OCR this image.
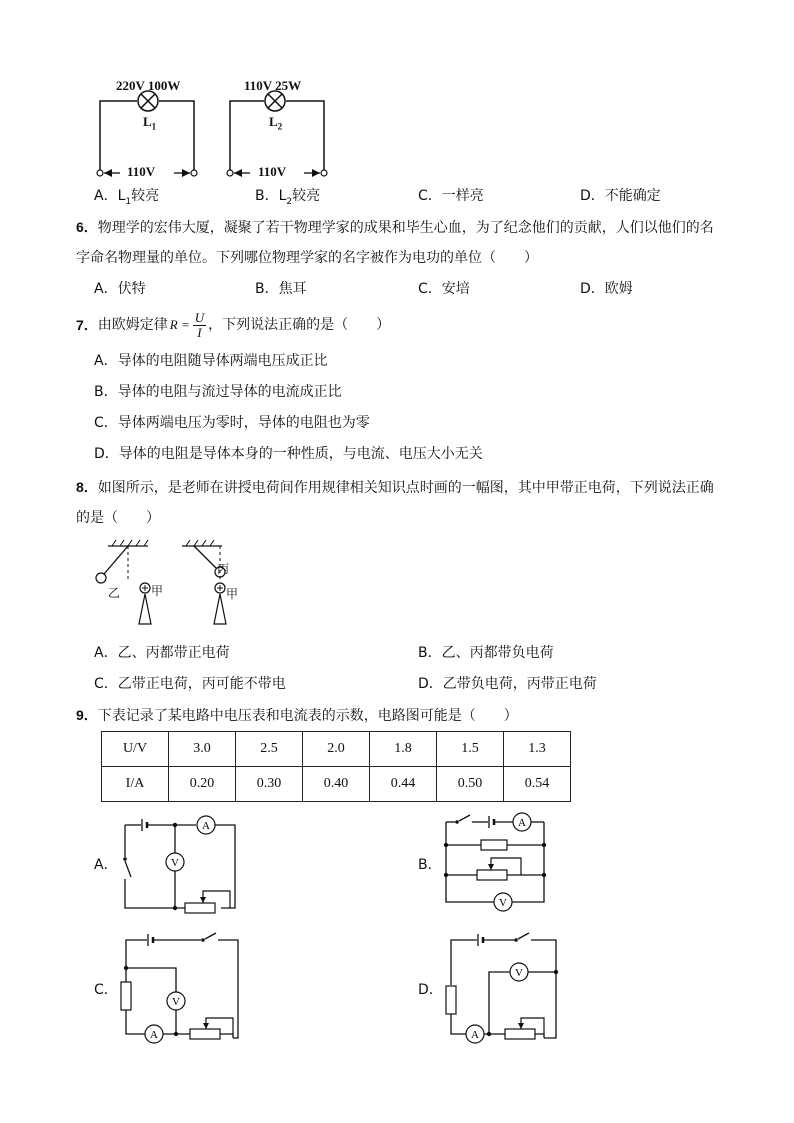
220V 100W
$L_1$
110V
110V 25W
$L_2$
110V
A．$L_1$较亮	B．$L_2$较亮	C．一样亮	D．不能确定
6．物理学的宏伟大厦，凝聚了若干物理学家的成果和毕生心血，为了纪念他们的贡献，人们以他们的名
字命名物理量的单位。下列哪位物理学家的名字被作为电功的单位（　　）
A．伏特	B．焦耳	C．安培	D．欧姆
7． 由欧姆定律 $R = \frac{U}{I}$ ，下列说法正确的是（　　）
A．导体的电阻随导体两端电压成正比
B．导体的电阻与流过导体的电流成正比
C．导体两端电压为零时，导体的电阻也为零
D．导体的电阻是导体本身的一种性质，与电流、电压大小无关
8．如图所示，是老师在讲授电荷间作用规律相关知识点时画的一幅图，其中甲带正电荷，下列说法正确
的是（　　）
乙	甲
丙
甲
A．乙、丙都带正电荷	B．乙、丙都带负电荷
C．乙带正电荷，丙可能不带电	D．乙带负电荷，丙带正电荷
9．下表记录了某电路中电压表和电流表的示数，电路图可能是（　　）
U/V	3.0	2.5	2.0	1.8	1.5	1.3
I/A	0.20	0.30	0.40	0.44	0.50	0.54
A．	B．
C．	D．
A
V
A
V
A
V
A
V
